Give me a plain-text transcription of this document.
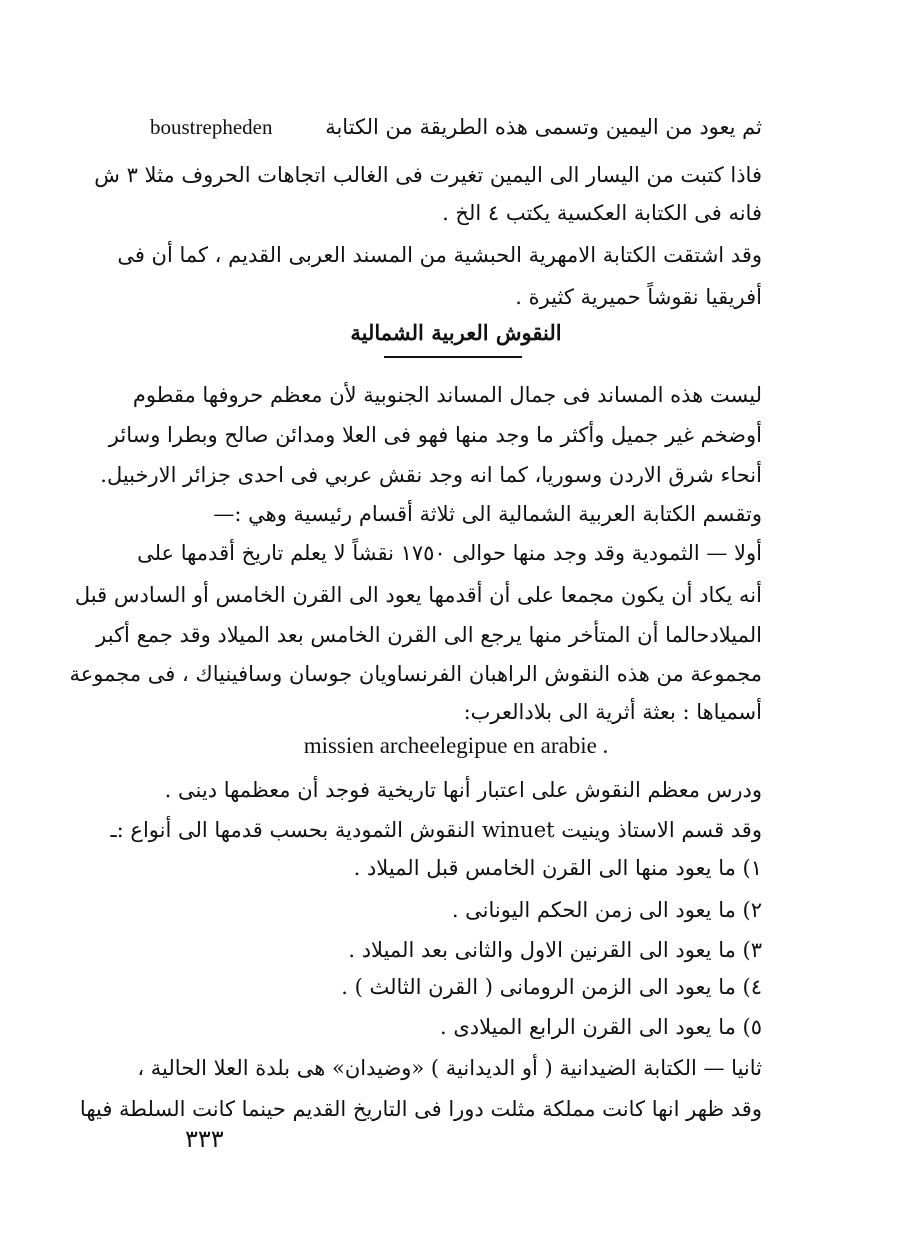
ثم يعود من اليمين وتسمى هذه الطريقة من الكتابة
boustrepheden
فاذا كتبت من اليسار الى اليمين تغيرت فى الغالب اتجاهات الحروف مثلا ٣ ش
فانه فى الكتابة العكسية يكتب ٤ الخ .
وقد اشتقت الكتابة الامهرية الحبشية من المسند العربى القديم ، كما أن فى
أفريقيا نقوشاً حميرية كثيرة .
النقوش العربية الشمالية
ليست هذه المساند فى جمال المساند الجنوبية لأن معظم حروفها مقطوم
أوضخم غير جميل وأكثر ما وجد منها فهو فى العلا ومدائن صالح وبطرا وسائر
أنحاء شرق الاردن وسوريا، كما انه وجد نقش عربي فى احدى جزائر الارخبيل.
وتقسم الكتابة العربية الشمالية الى ثلاثة أقسام رئيسية وهي :—
أولا — الثمودية وقد وجد منها حوالى ١٧٥٠ نقشاً لا يعلم تاريخ أقدمها على
أنه يكاد أن يكون مجمعا على أن أقدمها يعود الى القرن الخامس أو السادس قبل
الميلادحالما أن المتأخر منها يرجع الى القرن الخامس بعد الميلاد وقد جمع أكبر
مجموعة من هذه النقوش الراهبان الفرنساويان جوسان وسافينياك ، فى مجموعة
أسمياها : بعثة أثرية الى بلادالعرب:
missien archeelegipue en arabie .
ودرس معظم النقوش على اعتبار أنها تاريخية فوجد أن معظمها دينى .
وقد قسم الاستاذ وينيت winuet النقوش الثمودية بحسب قدمها الى أنواع :ـ
١) ما يعود منها الى القرن الخامس قبل الميلاد .
٢) ما يعود الى زمن الحكم اليونانى .
٣) ما يعود الى القرنين الاول والثانى بعد الميلاد .
٤) ما يعود الى الزمن الرومانى ( القرن الثالث ) .
٥) ما يعود الى القرن الرابع الميلادى .
ثانيا — الكتابة الضيدانية ( أو الديدانية ) «وضيدان» هى بلدة العلا الحالية ،
وقد ظهر انها كانت مملكة مثلت دورا فى التاريخ القديم حينما كانت السلطة فيها
٣٣٣
